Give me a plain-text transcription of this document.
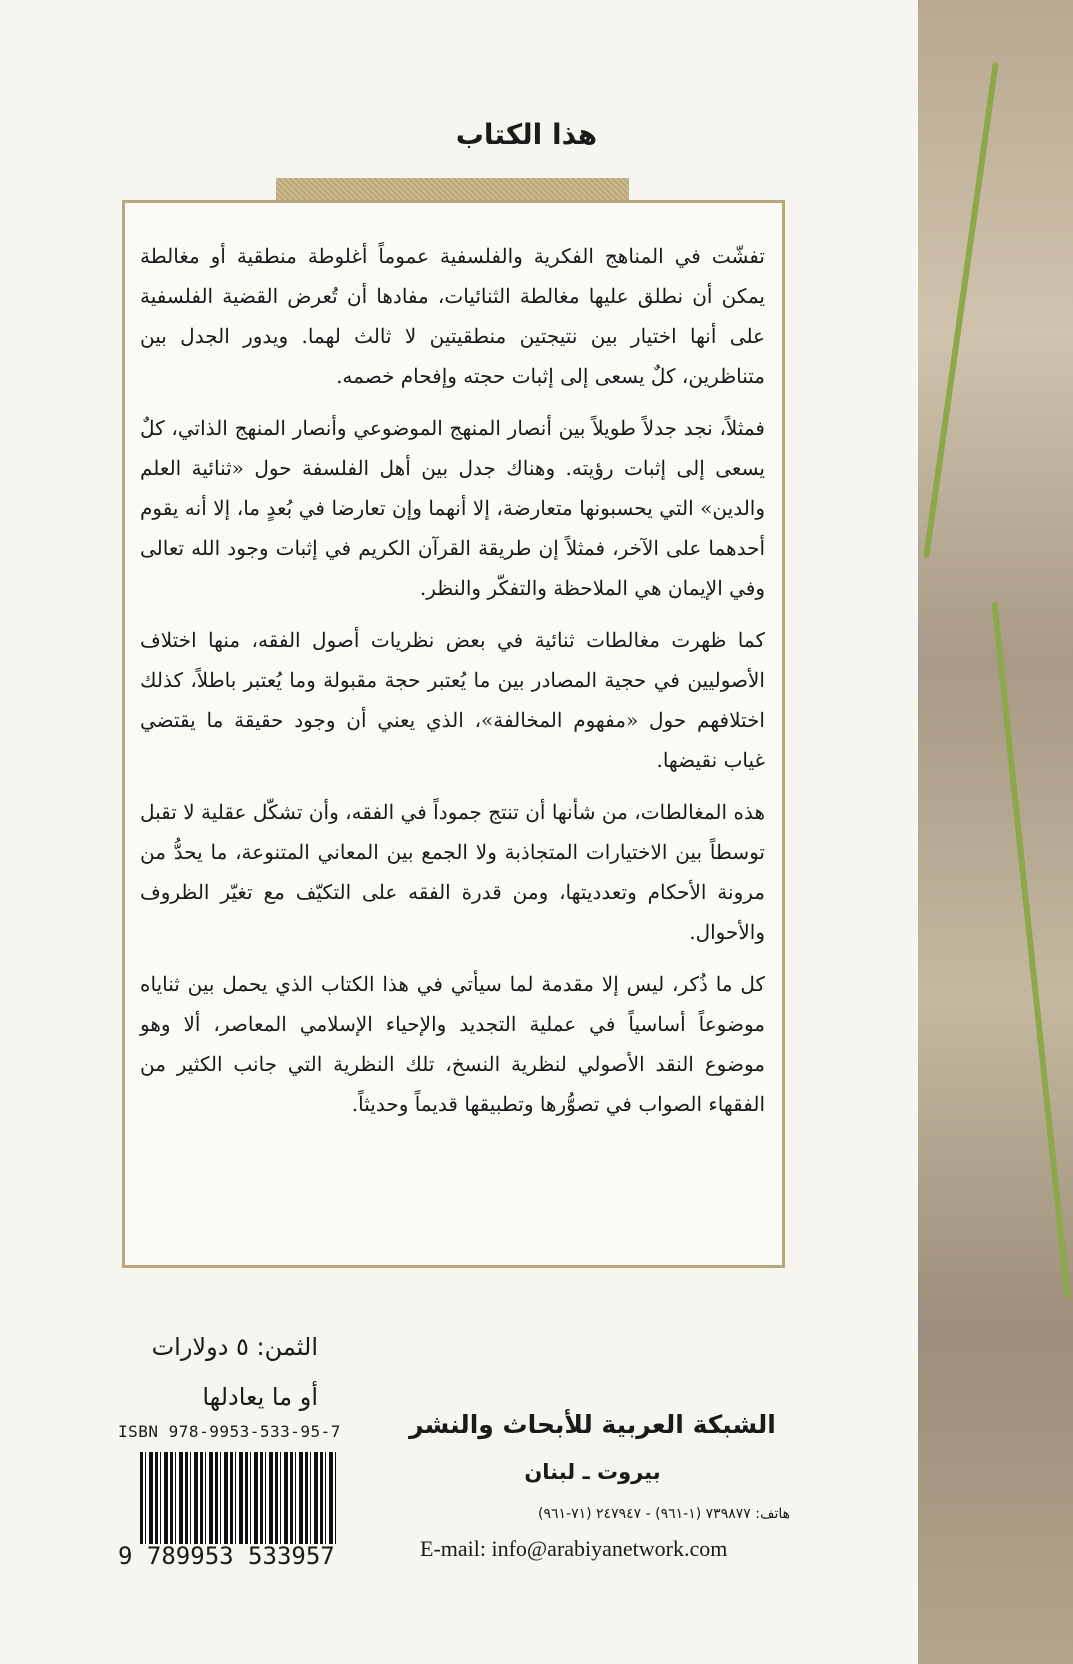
هذا الكتاب

تفشّت في المناهج الفكرية والفلسفية عموماً أغلوطة منطقية أو مغالطة يمكن أن نطلق عليها مغالطة الثنائيات، مفادها أن تُعرض القضية الفلسفية على أنها اختيار بين نتيجتين منطقيتين لا ثالث لهما. ويدور الجدل بين متناظرين، كلٌ يسعى إلى إثبات حجته وإفحام خصمه.

فمثلاً، نجد جدلاً طويلاً بين أنصار المنهج الموضوعي وأنصار المنهج الذاتي، كلٌ يسعى إلى إثبات رؤيته. وهناك جدل بين أهل الفلسفة حول «ثنائية العلم والدين» التي يحسبونها متعارضة، إلا أنهما وإن تعارضا في بُعدٍ ما، إلا أنه يقوم أحدهما على الآخر، فمثلاً إن طريقة القرآن الكريم في إثبات وجود الله تعالى وفي الإيمان هي الملاحظة والتفكّر والنظر.

كما ظهرت مغالطات ثنائية في بعض نظريات أصول الفقه، منها اختلاف الأصوليين في حجية المصادر بين ما يُعتبر حجة مقبولة وما يُعتبر باطلاً، كذلك اختلافهم حول «مفهوم المخالفة»، الذي يعني أن وجود حقيقة ما يقتضي غياب نقيضها.

هذه المغالطات، من شأنها أن تنتج جموداً في الفقه، وأن تشكّل عقلية لا تقبل توسطاً بين الاختيارات المتجاذبة ولا الجمع بين المعاني المتنوعة، ما يحدُّ من مرونة الأحكام وتعدديتها، ومن قدرة الفقه على التكيّف مع تغيّر الظروف والأحوال.

كل ما ذُكر، ليس إلا مقدمة لما سيأتي في هذا الكتاب الذي يحمل بين ثناياه موضوعاً أساسياً في عملية التجديد والإحياء الإسلامي المعاصر، ألا وهو موضوع النقد الأصولي لنظرية النسخ، تلك النظرية التي جانب الكثير من الفقهاء الصواب في تصوُّرها وتطبيقها قديماً وحديثاً.

الثمن: ٥ دولارات
أو ما يعادلها
ISBN 978-9953-533-95-7
9 789953 533957
الشبكة العربية للأبحاث والنشر
بيروت ـ لبنان
هاتف: ٧٣٩٨٧٧ (١-٩٦١) - ٢٤٧٩٤٧ (٧١-٩٦١)
E-mail: info@arabiyanetwork.com
